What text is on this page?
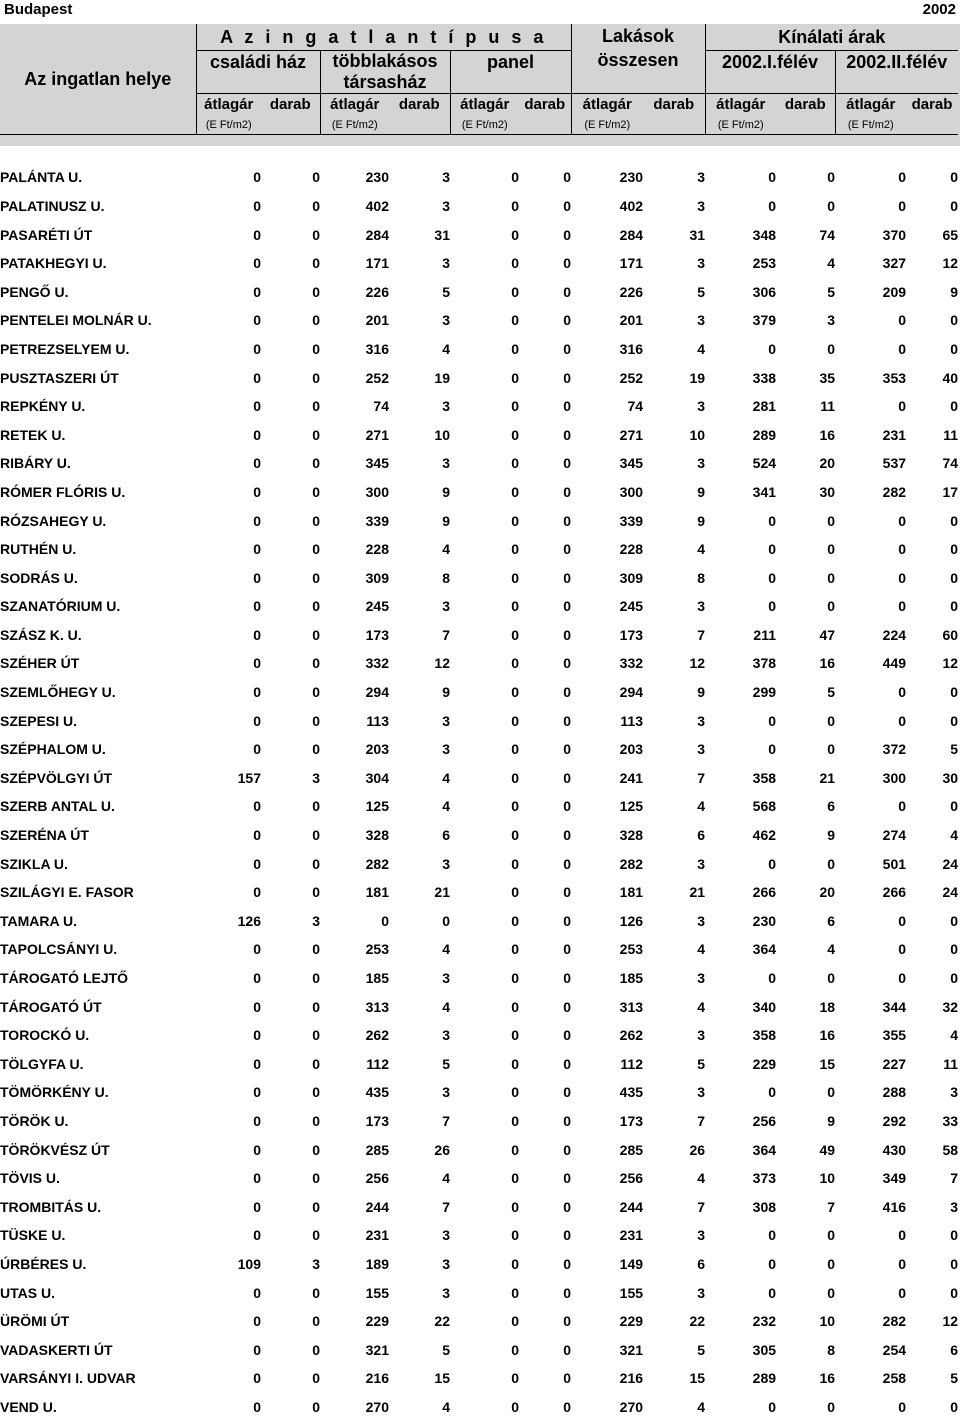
Budapest	2002
Az ingatlan helye	A z i n g a t l a n t í p u s a						Lakások összesen		Kínálati árak			
	családi ház		többlakásos társasház		panel				2002.I.félév		2002.II.félév	

	átlagár	darab	átlagár	darab	átlagár	darab	átlagár	darab	átlagár	darab	átlagár	darab
	(E Ft/m2)		(E Ft/m2)		(E Ft/m2)		(E Ft/m2)		(E Ft/m2)		(E Ft/m2)	

PALÁNTA U.	0	0	230	3	0	0	230	3	0	0	0	0
PALATINUSZ U.	0	0	402	3	0	0	402	3	0	0	0	0
PASARÉTI ÚT	0	0	284	31	0	0	284	31	348	74	370	65
PATAKHEGYI U.	0	0	171	3	0	0	171	3	253	4	327	12
PENGŐ U.	0	0	226	5	0	0	226	5	306	5	209	9
PENTELEI MOLNÁR U.	0	0	201	3	0	0	201	3	379	3	0	0
PETREZSELYEM U.	0	0	316	4	0	0	316	4	0	0	0	0
PUSZTASZERI ÚT	0	0	252	19	0	0	252	19	338	35	353	40
REPKÉNY U.	0	0	74	3	0	0	74	3	281	11	0	0
RETEK U.	0	0	271	10	0	0	271	10	289	16	231	11
RIBÁRY U.	0	0	345	3	0	0	345	3	524	20	537	74
RÓMER FLÓRIS U.	0	0	300	9	0	0	300	9	341	30	282	17
RÓZSAHEGY U.	0	0	339	9	0	0	339	9	0	0	0	0
RUTHÉN U.	0	0	228	4	0	0	228	4	0	0	0	0
SODRÁS U.	0	0	309	8	0	0	309	8	0	0	0	0
SZANATÓRIUM U.	0	0	245	3	0	0	245	3	0	0	0	0
SZÁSZ K. U.	0	0	173	7	0	0	173	7	211	47	224	60
SZÉHER ÚT	0	0	332	12	0	0	332	12	378	16	449	12
SZEMLŐHEGY U.	0	0	294	9	0	0	294	9	299	5	0	0
SZEPESI U.	0	0	113	3	0	0	113	3	0	0	0	0
SZÉPHALOM U.	0	0	203	3	0	0	203	3	0	0	372	5
SZÉPVÖLGYI ÚT	157	3	304	4	0	0	241	7	358	21	300	30
SZERB ANTAL U.	0	0	125	4	0	0	125	4	568	6	0	0
SZERÉNA ÚT	0	0	328	6	0	0	328	6	462	9	274	4
SZIKLA U.	0	0	282	3	0	0	282	3	0	0	501	24
SZILÁGYI E. FASOR	0	0	181	21	0	0	181	21	266	20	266	24
TAMARA U.	126	3	0	0	0	0	126	3	230	6	0	0
TAPOLCSÁNYI U.	0	0	253	4	0	0	253	4	364	4	0	0
TÁROGATÓ LEJTŐ	0	0	185	3	0	0	185	3	0	0	0	0
TÁROGATÓ ÚT	0	0	313	4	0	0	313	4	340	18	344	32
TOROCKÓ U.	0	0	262	3	0	0	262	3	358	16	355	4
TÖLGYFA U.	0	0	112	5	0	0	112	5	229	15	227	11
TÖMÖRKÉNY U.	0	0	435	3	0	0	435	3	0	0	288	3
TÖRÖK U.	0	0	173	7	0	0	173	7	256	9	292	33
TÖRÖKVÉSZ ÚT	0	0	285	26	0	0	285	26	364	49	430	58
TÖVIS U.	0	0	256	4	0	0	256	4	373	10	349	7
TROMBITÁS U.	0	0	244	7	0	0	244	7	308	7	416	3
TÜSKE U.	0	0	231	3	0	0	231	3	0	0	0	0
ÚRBÉRES U.	109	3	189	3	0	0	149	6	0	0	0	0
UTAS U.	0	0	155	3	0	0	155	3	0	0	0	0
ÜRÖMI ÚT	0	0	229	22	0	0	229	22	232	10	282	12
VADASKERTI ÚT	0	0	321	5	0	0	321	5	305	8	254	6
VARSÁNYI I. UDVAR	0	0	216	15	0	0	216	15	289	16	258	5
VEND U.	0	0	270	4	0	0	270	4	0	0	0	0
